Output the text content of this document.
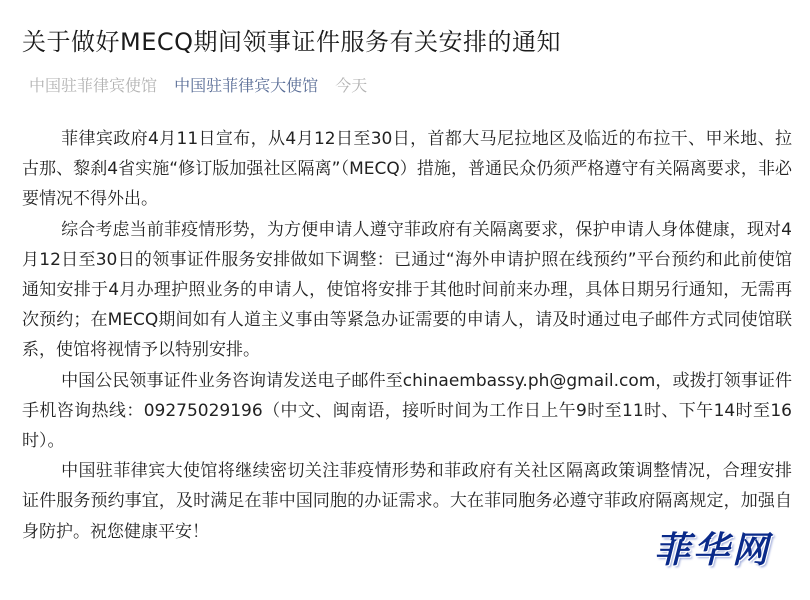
关于做好MECQ期间领事证件服务有关安排的通知
中国驻菲律宾使馆 中国驻菲律宾大使馆 今天

菲律宾政府4月11日宣布，从4月12日至30日，首都大马尼拉地区及临近的布拉干、甲米地、拉古那、黎刹4省实施“修订版加强社区隔离”（MECQ）措施，普通民众仍须严格遵守有关隔离要求，非必要情况不得外出。

综合考虑当前菲疫情形势，为方便申请人遵守菲政府有关隔离要求，保护申请人身体健康，现对4月12日至30日的领事证件服务安排做如下调整：已通过“海外申请护照在线预约”平台预约和此前使馆通知安排于4月办理护照业务的申请人，使馆将安排于其他时间前来办理，具体日期另行通知，无需再次预约；在MECQ期间如有人道主义事由等紧急办证需要的申请人，请及时通过电子邮件方式同使馆联系，使馆将视情予以特别安排。

中国公民领事证件业务咨询请发送电子邮件至chinaembassy.ph@gmail.com，或拨打领事证件手机咨询热线：09275029196（中文、闽南语，接听时间为工作日上午9时至11时、下午14时至16时）。

中国驻菲律宾大使馆将继续密切关注菲疫情形势和菲政府有关社区隔离政策调整情况，合理安排证件服务预约事宜，及时满足在菲中国同胞的办证需求。大在菲同胞务必遵守菲政府隔离规定，加强自身防护。祝您健康平安！	菲华网
